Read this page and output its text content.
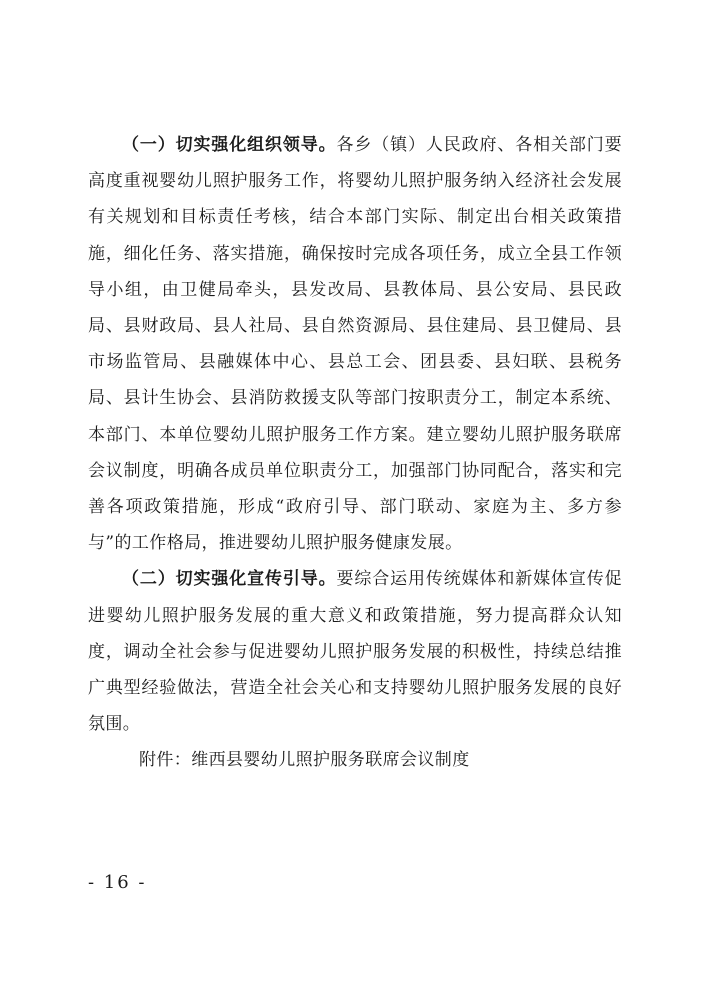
（一）切实强化组织领导。各乡（镇）人民政府、各相关部门要高度重视婴幼儿照护服务工作，将婴幼儿照护服务纳入经济社会发展有关规划和目标责任考核，结合本部门实际、制定出台相关政策措施，细化任务、落实措施，确保按时完成各项任务，成立全县工作领导小组，由卫健局牵头，县发改局、县教体局、县公安局、县民政局、县财政局、县人社局、县自然资源局、县住建局、县卫健局、县市场监管局、县融媒体中心、县总工会、团县委、县妇联、县税务局、县计生协会、县消防救援支队等部门按职责分工，制定本系统、本部门、本单位婴幼儿照护服务工作方案。建立婴幼儿照护服务联席会议制度，明确各成员单位职责分工，加强部门协同配合，落实和完善各项政策措施，形成“政府引导、部门联动、家庭为主、多方参与”的工作格局，推进婴幼儿照护服务健康发展。

（二）切实强化宣传引导。要综合运用传统媒体和新媒体宣传促进婴幼儿照护服务发展的重大意义和政策措施，努力提高群众认知度，调动全社会参与促进婴幼儿照护服务发展的积极性，持续总结推广典型经验做法，营造全社会关心和支持婴幼儿照护服务发展的良好氛围。

附件：维西县婴幼儿照护服务联席会议制度

- 16 -
